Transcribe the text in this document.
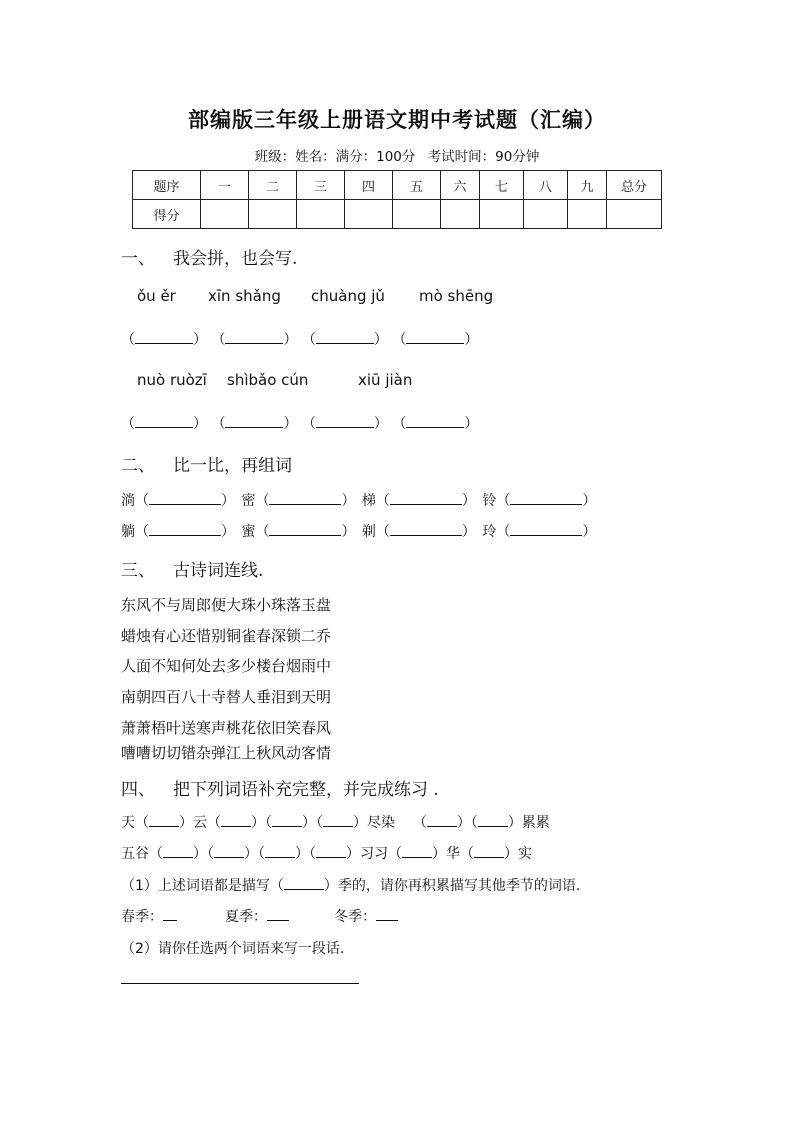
部编版三年级上册语文期中考试题（汇编）
班级：姓名：满分：100分 考试时间：90分钟
题序	一	二	三	四	五	六	七	八	九	总分
得分										
一、 我会拼，也会写.
ǒu ěr xīn shǎng chuàng jǔ mò shēng
（	） （	） （	） （	）
nuò ruòzī shìbǎo cún	xiū jiàn
（	） （	） （	） （	）
二、 比一比，再组词
淌（	） 密（	） 梯（	） 铃（	）
躺（	） 蜜（	） 剃（	） 玲（	）
三、 古诗词连线.
东风不与周郎便大珠小珠落玉盘
蜡烛有心还惜别铜雀春深锁二乔
人面不知何处去多少楼台烟雨中
南朝四百八十寺替人垂泪到天明
萧萧梧叶送寒声桃花依旧笑春风
嘈嘈切切错杂弹江上秋风动客情
四、 把下列词语补充完整，并完成练习 .
天（ ）云（ ）（ ）（ ）尽染 （ ）（ ）累累
五谷（ ）（ ）（ ）（ ）习习（ ）华（ ）实
（1）上述词语都是描写（	）季的，请你再积累描写其他季节的词语.
春季：	夏季：	冬季：
（2）请你任选两个词语来写一段话.
